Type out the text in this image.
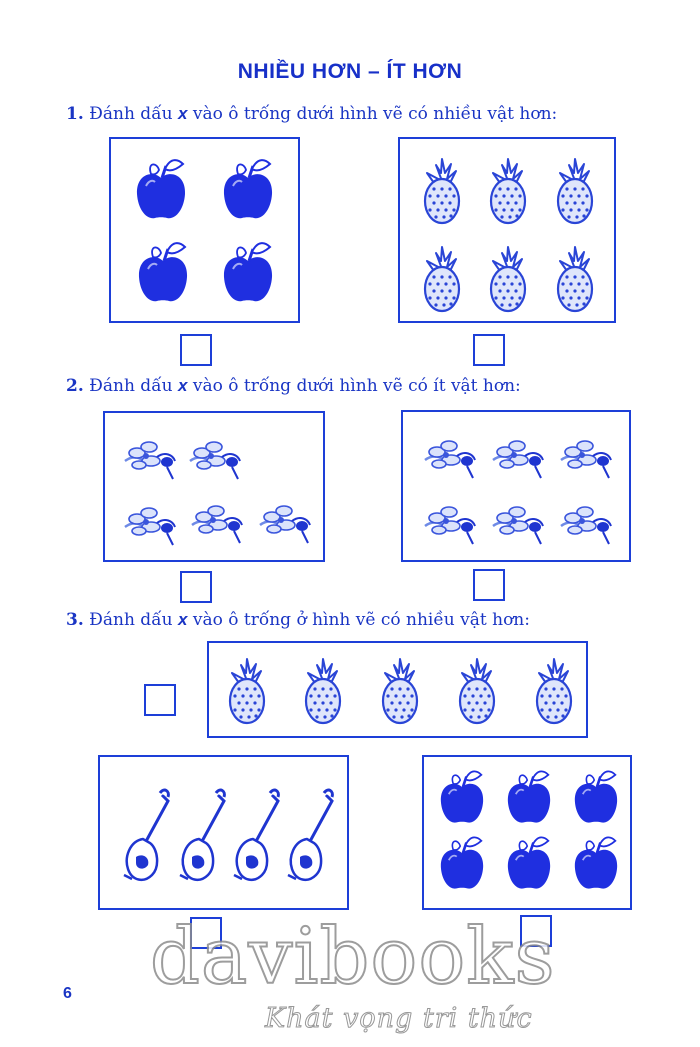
NHIỀU HƠN – ÍT HƠN
1. Đánh dấu x vào ô trống dưới hình vẽ có nhiều vật hơn:
2. Đánh dấu x vào ô trống dưới hình vẽ có ít vật hơn:
3. Đánh dấu x vào ô trống ở hình vẽ có nhiều vật hơn:
6 davibooks
Khát vọng tri thức
